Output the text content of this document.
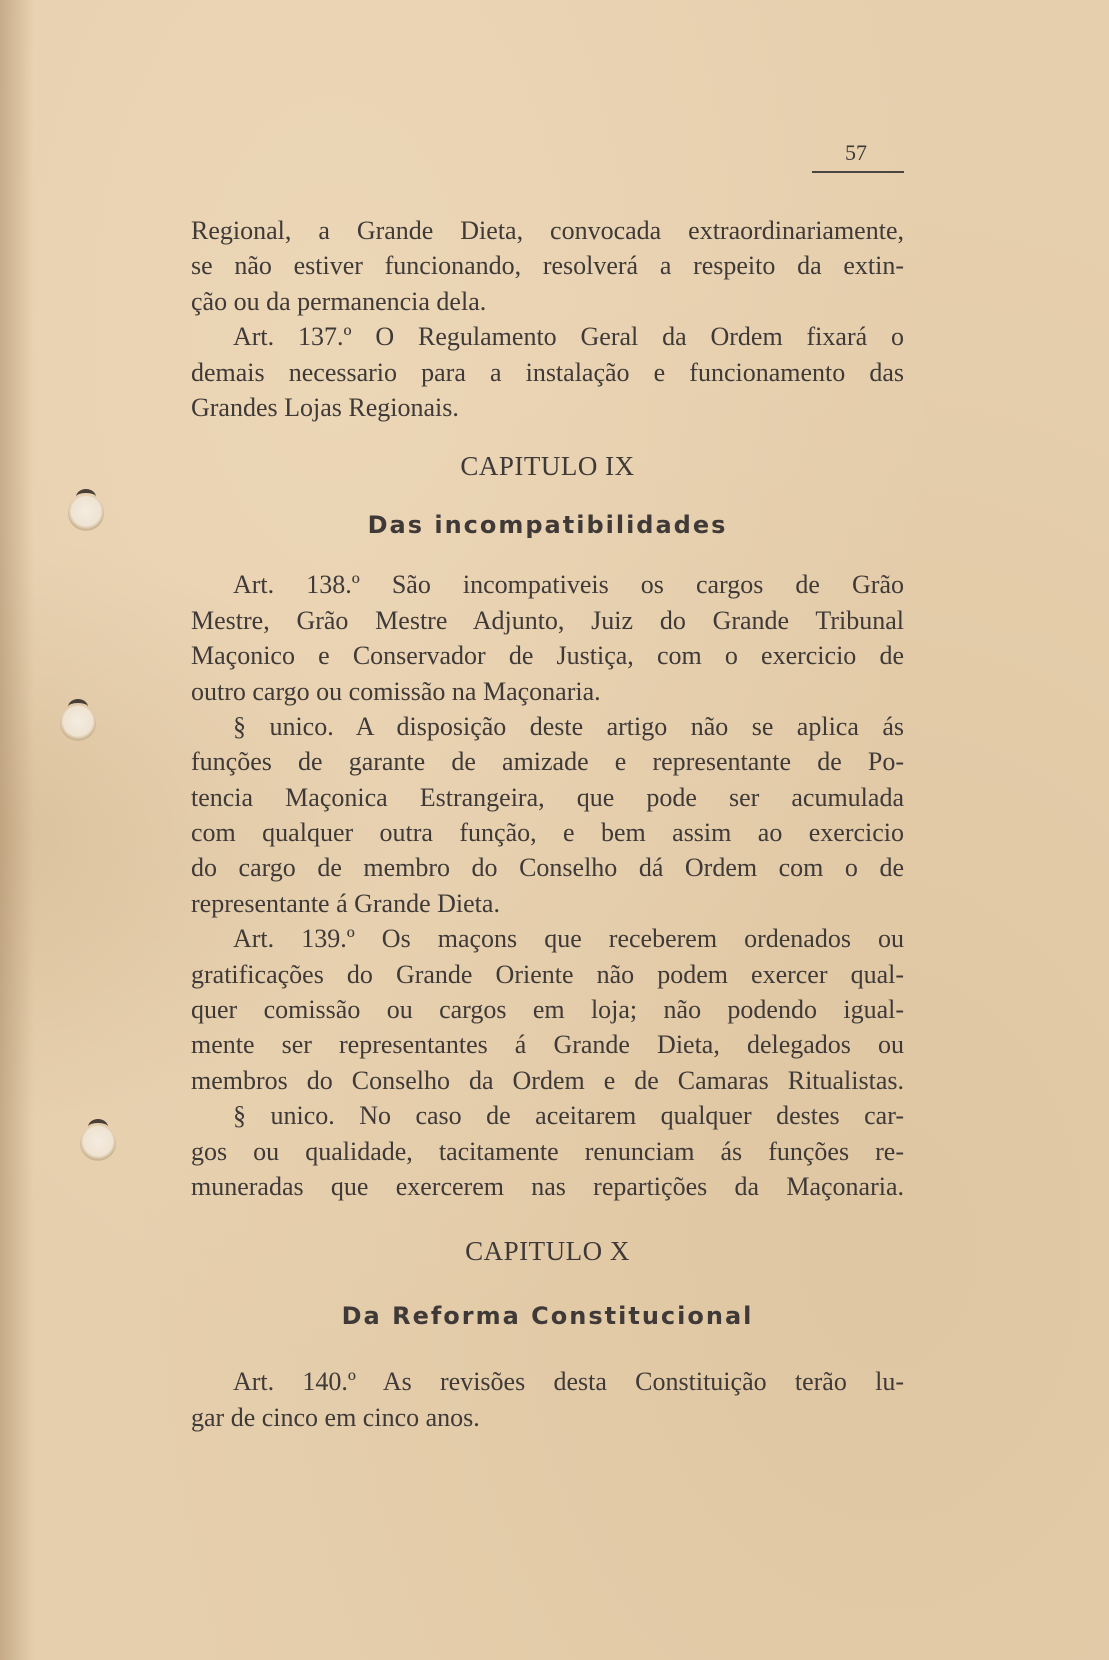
57
Regional, a Grande Dieta, convocada extraordinariamente,
se não estiver funcionando, resolverá a respeito da extin-
ção ou da permanencia dela.
Art. 137.º O Regulamento Geral da Ordem fixará o
demais necessario para a instalação e funcionamento das
Grandes Lojas Regionais.
CAPITULO IX
Das incompatibilidades
Art. 138.º São incompativeis os cargos de Grão
Mestre, Grão Mestre Adjunto, Juiz do Grande Tribunal
Maçonico e Conservador de Justiça, com o exercicio de
outro cargo ou comissão na Maçonaria.
§ unico. A disposição deste artigo não se aplica ás
funções de garante de amizade e representante de Po-
tencia Maçonica Estrangeira, que pode ser acumulada
com qualquer outra função, e bem assim ao exercicio
do cargo de membro do Conselho dá Ordem com o de
representante á Grande Dieta.
Art. 139.º Os maçons que receberem ordenados ou
gratificações do Grande Oriente não podem exercer qual-
quer comissão ou cargos em loja; não podendo igual-
mente ser representantes á Grande Dieta, delegados ou
membros do Conselho da Ordem e de Camaras Ritualistas.
§ unico. No caso de aceitarem qualquer destes car-
gos ou qualidade, tacitamente renunciam ás funções re-
muneradas que exercerem nas repartições da Maçonaria.
CAPITULO X
Da Reforma Constitucional
Art. 140.º As revisões desta Constituição terão lu-
gar de cinco em cinco anos.
